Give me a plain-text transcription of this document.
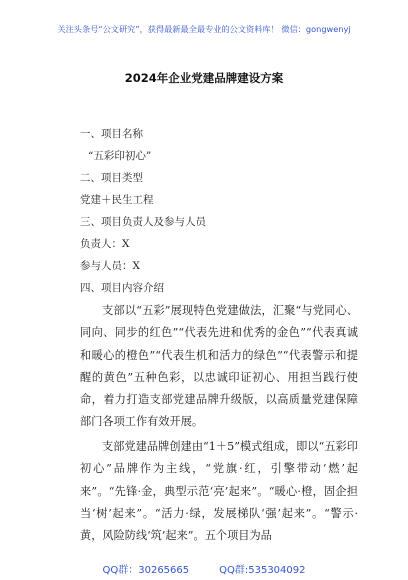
关注头条号“公文研究”，获得最新最全最专业的公文资料库！ 微信：gongwenyj
2024年企业党建品牌建设方案
一、项目名称
“五彩印初心”
二、项目类型
党建＋民生工程
三、项目负责人及参与人员
负责人：X
参与人员：X
四、项目内容介绍
支部以“五彩”展现特色党建做法，汇聚“与党同心、同向、同步的红色”“代表先进和优秀的金色”“代表真诚和暖心的橙色”“代表生机和活力的绿色”“代表警示和提醒的黄色”五种色彩，以忠诚印证初心、用担当践行使命，着力打造支部党建品牌升级版，以高质量党建保障部门各项工作有效开展。
支部党建品牌创建由“1＋5”模式组成，即以“五彩印初心”品牌作为主线，“党旗·红，引擎带动‘燃’起来”。“先锋·金，典型示范‘亮’起来”。“暖心·橙，固企担当‘树’起来”。“活力·绿，发展梯队‘强’起来”。“警示·黄，风险防线‘筑’起来”。五个项目为品
QQ群：30265665	QQ群:535304092
